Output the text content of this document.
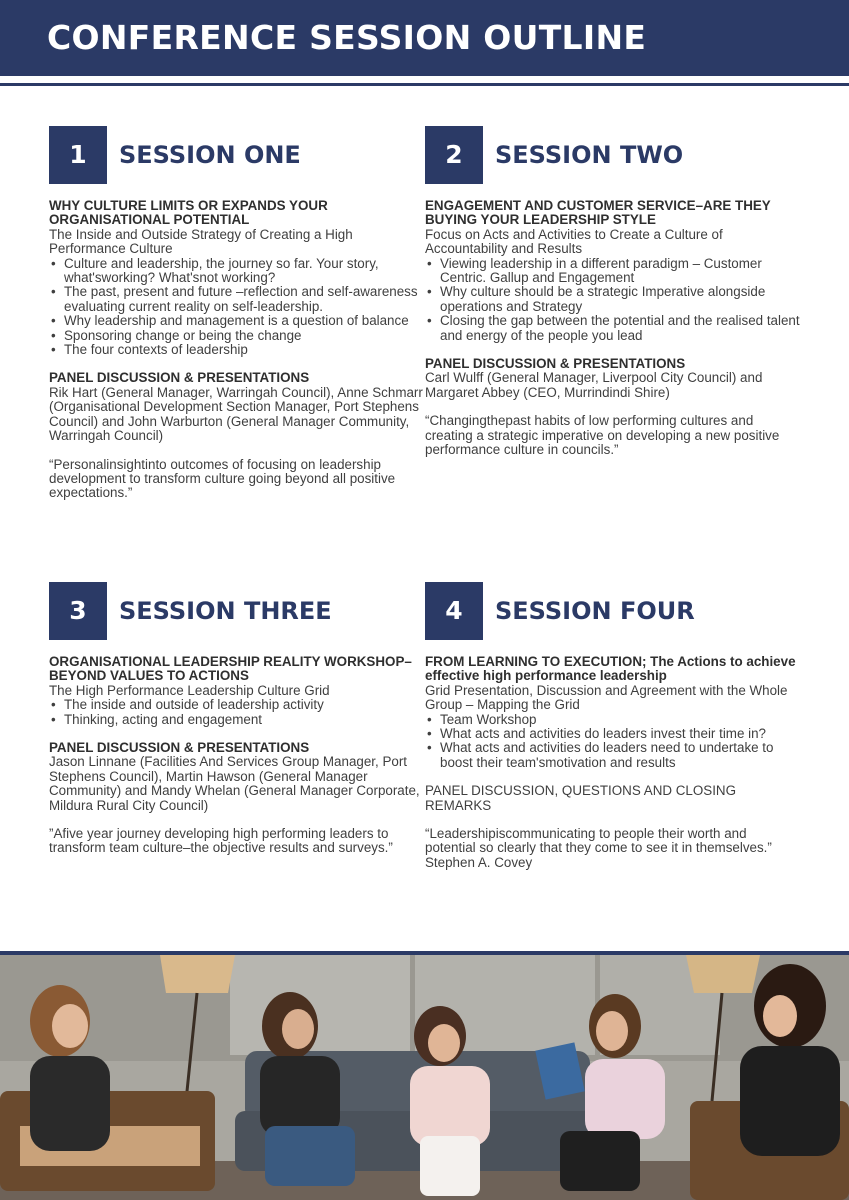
CONFERENCE SESSION OUTLINE
1	SESSION ONE
WHY CULTURE LIMITS OR EXPANDS YOUR ORGANISATIONAL POTENTIAL
The Inside and Outside Strategy of Creating a High Performance Culture
• Culture and leadership, the journey so far. Your story, what'sworking? What'snot working?
• The past, present and future –reflection and self-awareness evaluating current reality on self-leadership.
• Why leadership and management is a question of balance
• Sponsoring change or being the change
• The four contexts of leadership
PANEL DISCUSSION & PRESENTATIONS
Rik Hart (General Manager, Warringah Council), Anne Schmarr (Organisational Development Section Manager, Port Stephens Council) and John Warburton (General Manager Community, Warringah Council)
“Personalinsightinto outcomes of focusing on leadership development to transform culture going beyond all positive expectations.”
2	SESSION TWO
ENGAGEMENT AND CUSTOMER SERVICE–ARE THEY BUYING YOUR LEADERSHIP STYLE
Focus on Acts and Activities to Create a Culture of Accountability and Results
• Viewing leadership in a different paradigm – Customer Centric. Gallup and Engagement
• Why culture should be a strategic Imperative alongside operations and Strategy
• Closing the gap between the potential and the realised talent and energy of the people you lead
PANEL DISCUSSION & PRESENTATIONS
Carl Wulff (General Manager, Liverpool City Council) and Margaret Abbey (CEO, Murrindindi Shire)
“Changingthepast habits of low performing cultures and creating a strategic imperative on developing a new positive performance culture in councils.”
3	SESSION THREE
ORGANISATIONAL LEADERSHIP REALITY WORKSHOP–BEYOND VALUES TO ACTIONS
The High Performance Leadership Culture Grid
• The inside and outside of leadership activity
• Thinking, acting and engagement
PANEL DISCUSSION & PRESENTATIONS
Jason Linnane (Facilities And Services Group Manager, Port Stephens Council), Martin Hawson (General Manager Community) and Mandy Whelan (General Manager Corporate, Mildura Rural City Council)
”Afive year journey developing high performing leaders to transform team culture–the objective results and surveys.”
4	SESSION FOUR
FROM LEARNING TO EXECUTION; The Actions to achieve effective high performance leadership
Grid Presentation, Discussion and Agreement with the Whole Group – Mapping the Grid
• Team Workshop
• What acts and activities do leaders invest their time in?
• What acts and activities do leaders need to undertake to boost their team'smotivation and results
PANEL DISCUSSION, QUESTIONS AND CLOSING REMARKS
“Leadershipiscommunicating to people their worth and potential so clearly that they come to see it in themselves.”
Stephen A. Covey
